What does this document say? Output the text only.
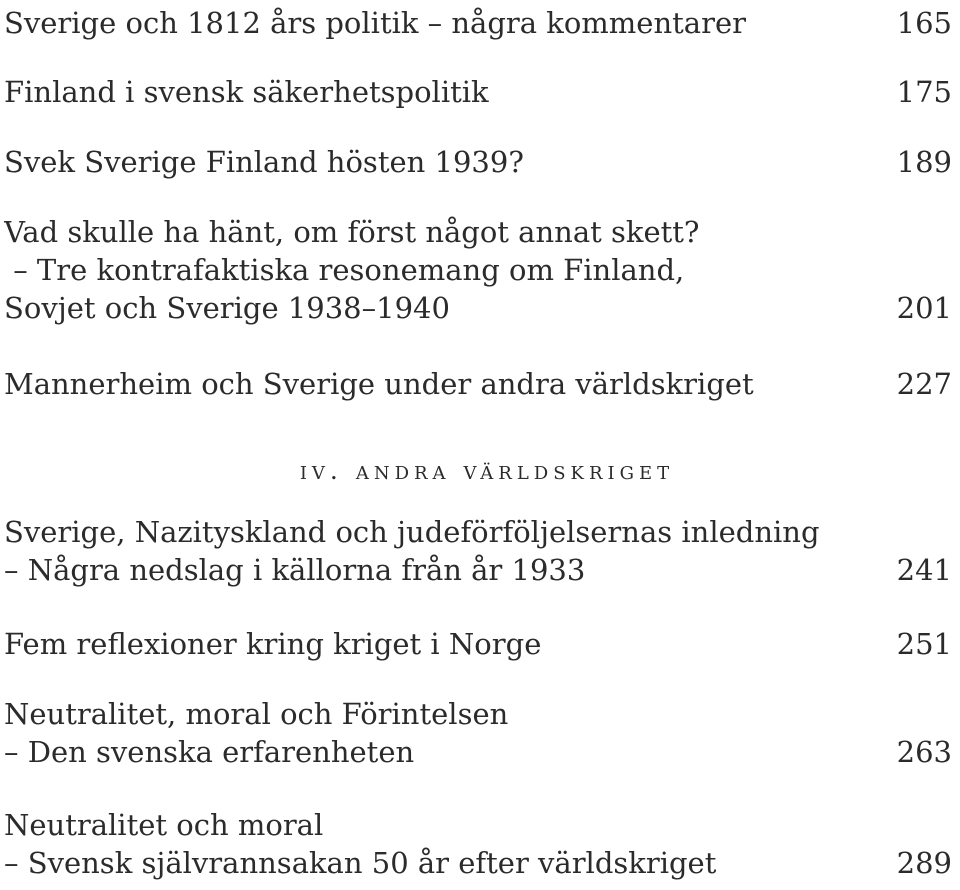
Sverige och 1812 års politik – några kommentarer	165
Finland i svensk säkerhetspolitik	175
Svek Sverige Finland hösten 1939?	189
Vad skulle ha hänt, om först något annat skett?
– Tre kontrafaktiska resonemang om Finland,
Sovjet och Sverige 1938–1940	201
Mannerheim och Sverige under andra världskriget	227
iv. andra världskriget
Sverige, Nazityskland och judeförföljelsernas inledning
– Några nedslag i källorna från år 1933	241
Fem reflexioner kring kriget i Norge	251
Neutralitet, moral och Förintelsen
– Den svenska erfarenheten	263
Neutralitet och moral
– Svensk självrannsakan 50 år efter världskriget	289
